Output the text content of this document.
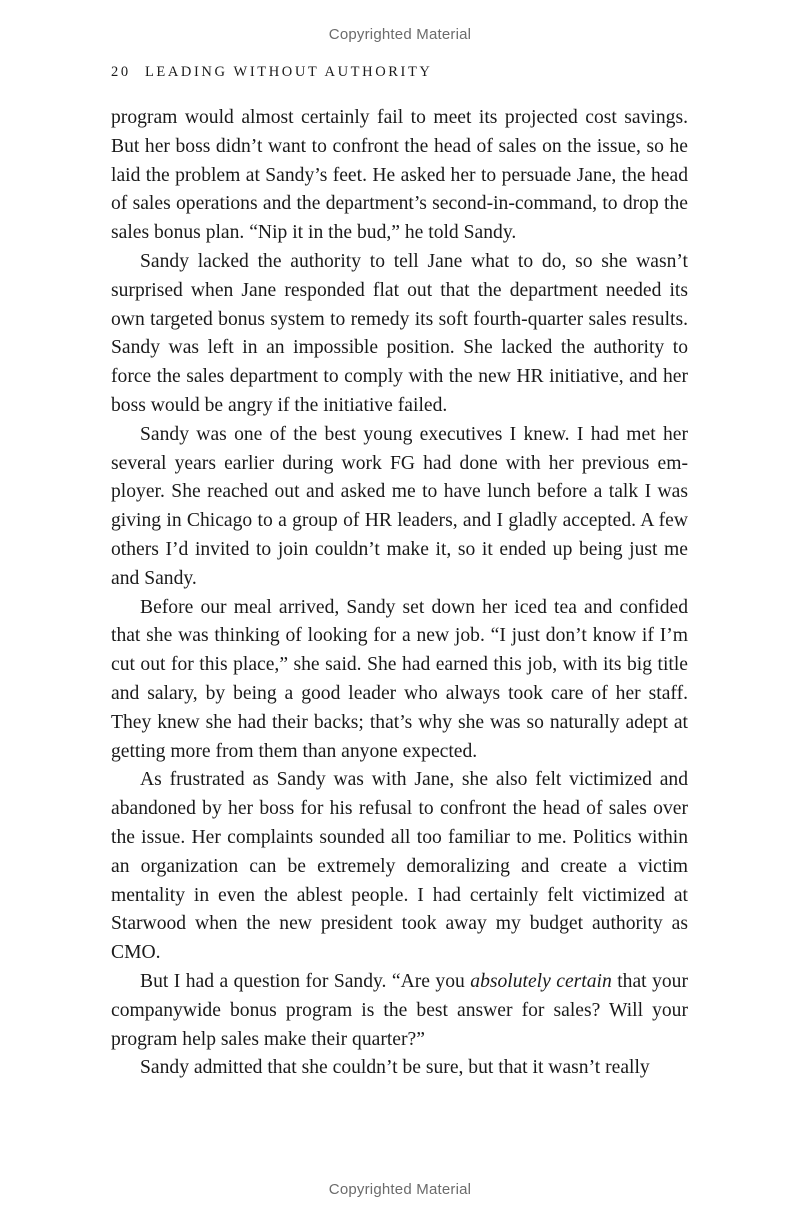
Copyrighted Material
20 LEADING WITHOUT AUTHORITY

program would almost certainly fail to meet its projected cost savings. But her boss didn’t want to confront the head of sales on the issue, so he laid the problem at Sandy’s feet. He asked her to persuade Jane, the head of sales operations and the department’s second-in-command, to drop the sales bonus plan. “Nip it in the bud,” he told Sandy.

Sandy lacked the authority to tell Jane what to do, so she wasn’t surprised when Jane responded flat out that the department needed its own targeted bonus system to remedy its soft fourth-quarter sales results. Sandy was left in an impossible position. She lacked the authority to force the sales department to comply with the new HR initiative, and her boss would be angry if the initiative failed.

Sandy was one of the best young executives I knew. I had met her several years earlier during work FG had done with her previous employer. She reached out and asked me to have lunch before a talk I was giving in Chicago to a group of HR leaders, and I gladly accepted. A few others I’d invited to join couldn’t make it, so it ended up being just me and Sandy.

Before our meal arrived, Sandy set down her iced tea and confided that she was thinking of looking for a new job. “I just don’t know if I’m cut out for this place,” she said. She had earned this job, with its big title and salary, by being a good leader who always took care of her staff. They knew she had their backs; that’s why she was so naturally adept at getting more from them than anyone expected.

As frustrated as Sandy was with Jane, she also felt victimized and abandoned by her boss for his refusal to confront the head of sales over the issue. Her complaints sounded all too familiar to me. Politics within an organization can be extremely demoralizing and create a victim mentality in even the ablest people. I had certainly felt victimized at Starwood when the new president took away my budget authority as CMO.

But I had a question for Sandy. “Are you absolutely certain that your companywide bonus program is the best answer for sales? Will your program help sales make their quarter?”

Sandy admitted that she couldn’t be sure, but that it wasn’t really

Copyrighted Material
